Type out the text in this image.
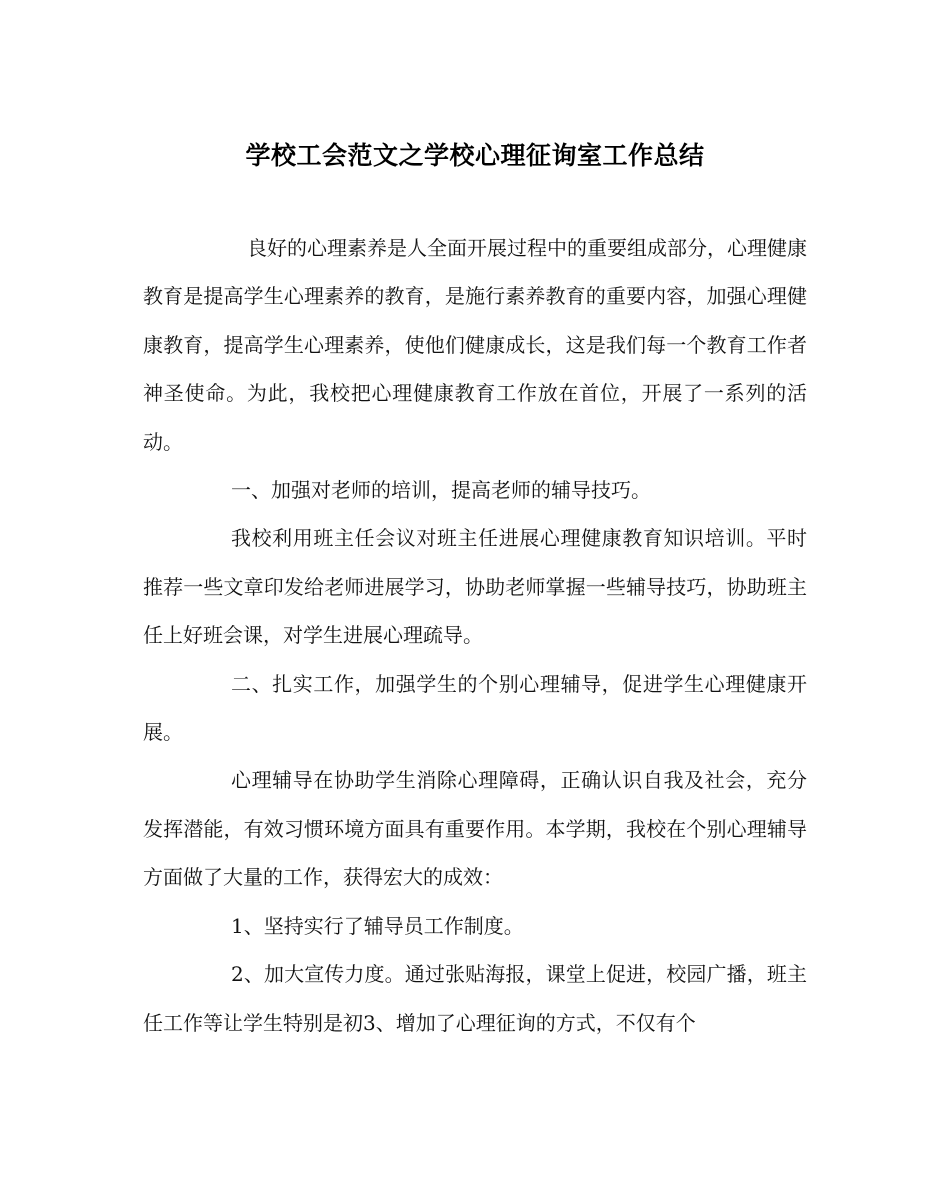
学校工会范文之学校心理征询室工作总结

良好的心理素养是人全面开展过程中的重要组成部分，心理健康教育是提高学生心理素养的教育，是施行素养教育的重要内容，加强心理健康教育，提高学生心理素养，使他们健康成长，这是我们每一个教育工作者神圣使命。为此，我校把心理健康教育工作放在首位，开展了一系列的活动。

一、加强对老师的培训，提高老师的辅导技巧。

我校利用班主任会议对班主任进展心理健康教育知识培训。平时推荐一些文章印发给老师进展学习，协助老师掌握一些辅导技巧，协助班主任上好班会课，对学生进展心理疏导。

二、扎实工作，加强学生的个别心理辅导，促进学生心理健康开展。

心理辅导在协助学生消除心理障碍，正确认识自我及社会，充分发挥潜能，有效习惯环境方面具有重要作用。本学期，我校在个别心理辅导方面做了大量的工作，获得宏大的成效：

1、坚持实行了辅导员工作制度。

2、加大宣传力度。通过张贴海报，课堂上促进，校园广播，班主任工作等让学生特别是初3、增加了心理征询的方式，不仅有个
